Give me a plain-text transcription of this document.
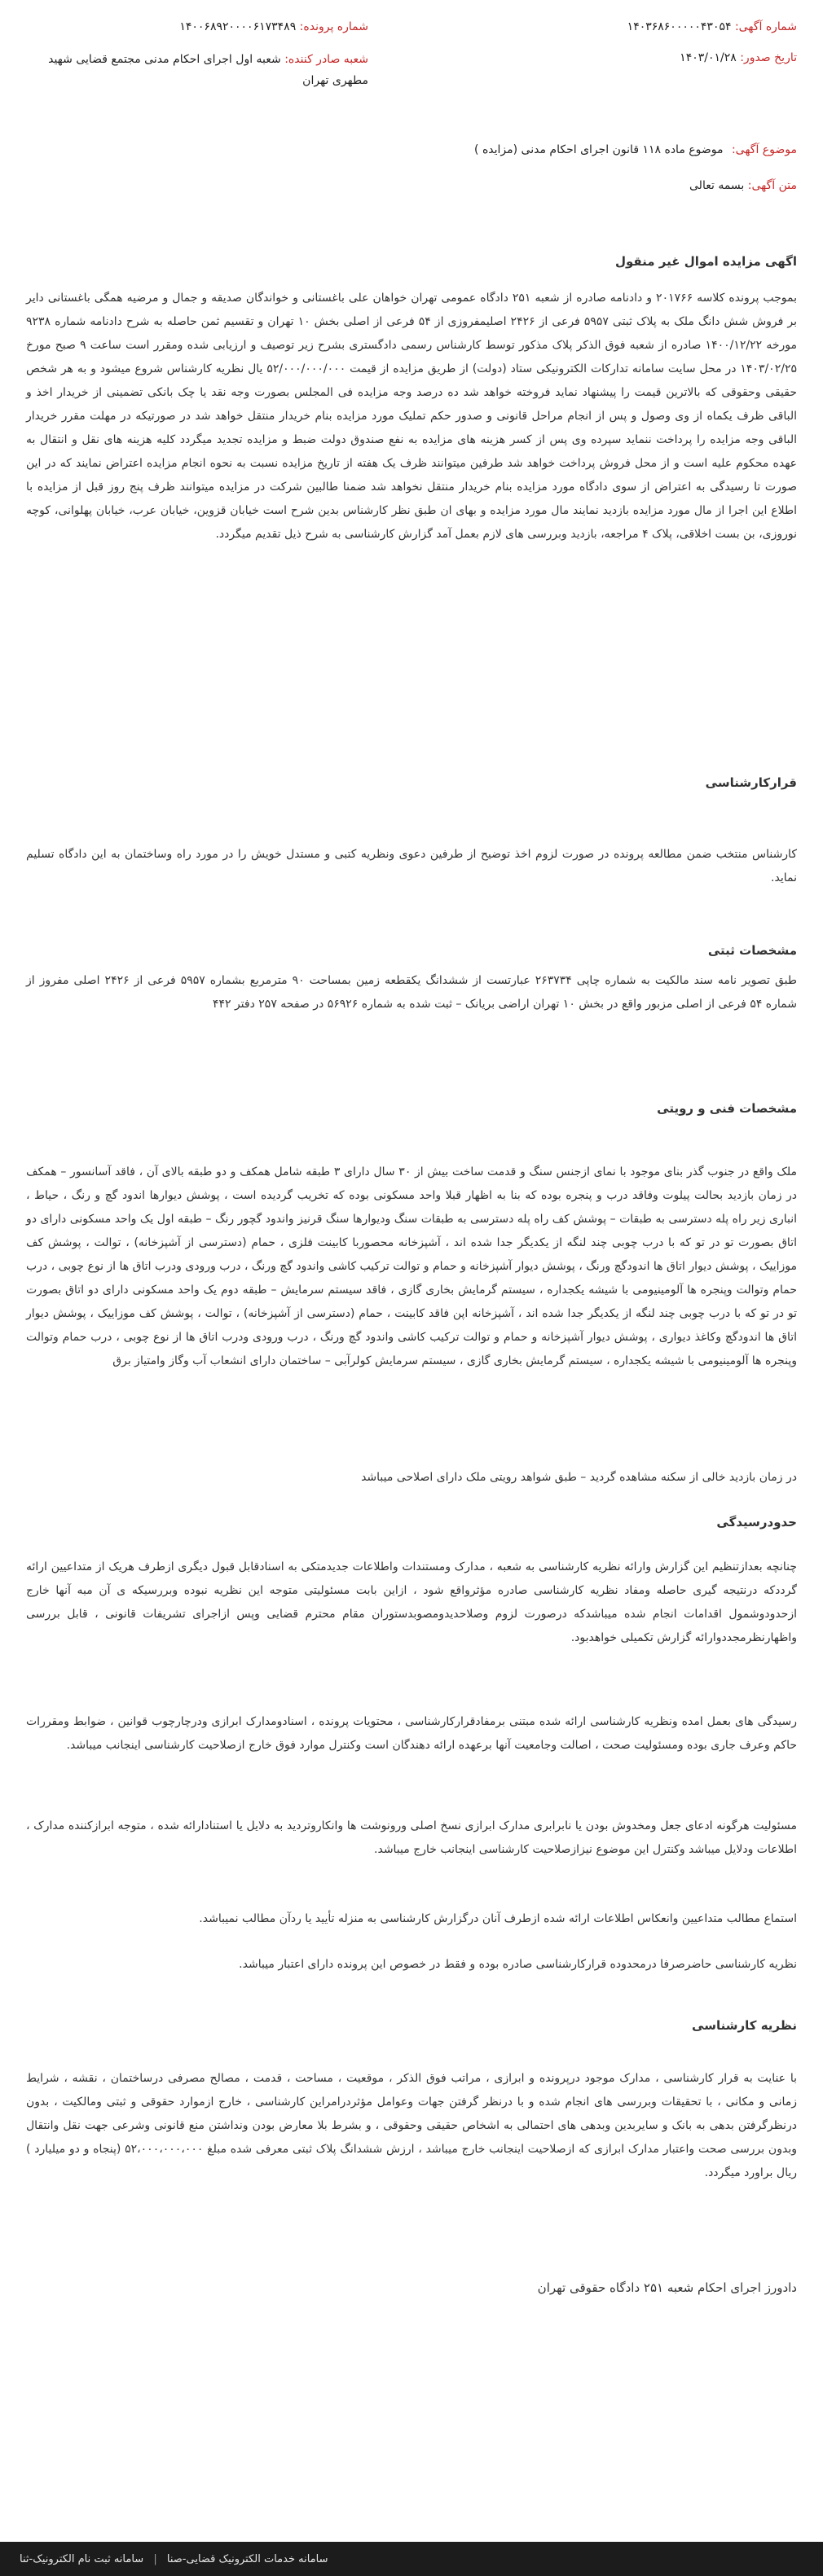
شماره آگهی: ۱۴۰۳۶۸۶۰۰۰۰۰۴۳۰۵۴
شماره پرونده: ۱۴۰۰۶۸۹۲۰۰۰۰۶۱۷۳۴۸۹
تاریخ صدور: ۱۴۰۳/۰۱/۲۸
شعبه صادر کننده: شعبه اول اجرای احکام مدنی مجتمع قضایی شهید مطهری تهران
موضوع آگهی: موضوع ماده ۱۱۸ قانون اجرای احکام مدنی (مزایده )
متن آگهی: بسمه تعالی
اگهی مزایده اموال غیر منقول

بموجب پرونده کلاسه ۲۰۱۷۶۶ و دادنامه صادره از شعبه ۲۵۱ دادگاه عمومی تهران خواهان علی باغستانی و خواندگان صدیقه و جمال و مرضیه همگی باغستانی دایر بر فروش شش دانگ ملک به پلاک ثبتی ۵۹۵۷ فرعی از ۲۴۲۶ اصلیمفروزی از ۵۴ فرعی از اصلی بخش ۱۰ تهران و تقسیم ثمن حاصله به شرح دادنامه شماره ۹۲۳۸ مورخه ۱۴۰۰/۱۲/۲۲ صادره از شعبه فوق الذکر پلاک مذکور توسط کارشناس رسمی دادگستری بشرح زیر توصیف و ارزیابی شده ومقرر است ساعت ۹ صبح مورخ ۱۴۰۳/۰۲/۲۵ در محل سایت سامانه تدارکات الکترونیکی ستاد (دولت) از طریق مزایده از قیمت ۵۲/۰۰۰/۰۰۰/۰۰۰ یال نظریه کارشناس شروع میشود و به هر شخص حقیقی وحقوقی که بالاترین قیمت را پیشنهاد نماید فروخته خواهد شد ده درصد وجه مزایده فی المجلس بصورت وجه نقد یا چک بانکی تضمینی از خریدار اخذ و الباقی ظرف یکماه از وی وصول و پس از انجام مراحل قانونی و صدور حکم تملیک مورد مزایده بنام خریدار منتقل خواهد شد در صورتیکه در مهلت مقرر خریدار الباقی وجه مزایده را پرداخت ننماید سپرده وی پس از کسر هزینه های مزایده به نفع صندوق دولت ضبط و مزایده تجدید میگردد کلیه هزینه های نقل و انتقال به عهده محکوم علیه است و از محل فروش پرداخت خواهد شد طرفین میتوانند ظرف یک هفته از تاریخ مزایده نسبت به نحوه انجام مزایده اعتراض نمایند که در این صورت تا رسیدگی به اعتراض از سوی دادگاه مورد مزایده بنام خریدار منتقل نخواهد شد ضمنا طالبین شرکت در مزایده میتوانند ظرف پنج روز قبل از مزایده با اطلاع این اجرا از مال مورد مزایده بازدید نمایند مال مورد مزایده و بهای ان طبق نظر کارشناس بدین شرح است خیابان قزوین، خیابان عرب، خیابان پهلوانی، کوچه نوروزی، بن بست اخلاقی، پلاک ۴ مراجعه، بازدید وبررسی های لازم بعمل آمد گزارش کارشناسی به شرح ذیل تقدیم میگردد.

قرارکارشناسی

کارشناس منتخب ضمن مطالعه پرونده در صورت لزوم اخذ توضیح از طرفین دعوی ونظریه کتبی و مستدل خویش را در مورد راه وساختمان به این دادگاه تسلیم نماید.

مشخصات ثبتی

طبق تصویر نامه سند مالکیت به شماره چاپی ۲۶۳۷۳۴ عبارتست از ششدانگ یکقطعه زمین بمساحت ۹۰ مترمربع بشماره ۵۹۵۷ فرعی از ۲۴۲۶ اصلی مفروز از شماره ۵۴ فرعی از اصلی مزبور واقع در بخش ۱۰ تهران اراضی بریانک – ثبت شده به شماره ۵۶۹۲۶ در صفحه ۲۵۷ دفتر ۴۴۲

مشخصات فنی و رویتی

ملک واقع در جنوب گذر بنای موجود با نمای ازجنس سنگ و قدمت ساخت بیش از ۳۰ سال دارای ۳ طبقه شامل همکف و دو طبقه بالای آن ، فاقد آسانسور – همکف در زمان بازدید بحالت پیلوت وفاقد درب و پنجره بوده که بنا به اظهار قبلا واحد مسکونی بوده که تخریب گردیده است ، پوشش دیوارها اندود گچ و رنگ ، حیاط ، انباری زیر راه پله دسترسی به طبقات – پوشش کف راه پله دسترسی به طبقات سنگ ودیوارها سنگ قرنیز واندود گچور رنگ – طبقه اول یک واحد مسکونی دارای دو اتاق بصورت تو در تو که با درب چوبی چند لنگه از یکدیگر جدا شده اند ، آشپزخانه محصوربا کابینت فلزی ، حمام (دسترسی از آشپزخانه) ، توالت ، پوشش کف موزاییک ، پوشش دیوار اتاق ها اندودگچ ورنگ ، پوشش دیوار آشپزخانه و حمام و توالت ترکیب کاشی واندود گچ ورنگ ، درب ورودی ودرب اتاق ها از نوع چوبی ، درب حمام وتوالت وپنجره ها آلومینیومی با شیشه یکجداره ، سیستم گرمایش بخاری گازی ، فاقد سیستم سرمایش – طبقه دوم یک واحد مسکونی دارای دو اتاق بصورت تو در تو که با درب چوبی چند لنگه از یکدیگر جدا شده اند ، آشپزخانه اپن فاقد کابینت ، حمام (دسترسی از آشپزخانه) ، توالت ، پوشش کف موزاییک ، پوشش دیوار اتاق ها اندودگچ وکاغذ دیواری ، پوشش دیوار آشپزخانه و حمام و توالت ترکیب کاشی واندود گچ ورنگ ، درب ورودی ودرب اتاق ها از نوع چوبی ، درب حمام وتوالت وپنجره ها آلومینیومی با شیشه یکجداره ، سیستم گرمایش بخاری گازی ، سیستم سرمایش کولرآبی – ساختمان دارای انشعاب آب وگاز وامتیاز برق

در زمان بازدید خالی از سکنه مشاهده گردید – طبق شواهد رویتی ملک دارای اصلاحی میباشد

حدودرسیدگی

چنانچه بعدازتنظیم این گزارش وارائه نظریه کارشناسی به شعبه ، مدارک ومستندات واطلاعات جدیدمتکی به اسنادقابل قبول دیگری ازطرف هریک از متداعیین ارائه گرددکه درنتیجه گیری حاصله ومفاد نظریه کارشناسی صادره مؤثرواقع شود ، ازاین بابت مسئولیتی متوجه این نظریه نبوده وبررسیکه ی آن مبه آنها خارج ازحدودوشمول اقدامات انجام شده میباشدکه درصورت لزوم وصلاحدیدومصوبدستوران مقام محترم قضایی وپس ازاجرای تشریفات قانونی ، قابل بررسی واظهارنظرمجددوارائه گزارش تکمیلی خواهدبود.

رسیدگی های بعمل امده ونظریه کارشناسی ارائه شده مبتنی برمفادقرارکارشناسی ، محتویات پرونده ، اسنادومدارک ابرازی ودرچارچوب قوانین ، ضوابط ومقررات حاکم وعرف جاری بوده ومسئولیت صحت ، اصالت وجامعیت آنها برعهده ارائه دهندگان است وکنترل موارد فوق خارج ازصلاحیت کارشناسی اینجانب میباشد.

مسئولیت هرگونه ادعای جعل ومخدوش بودن یا نابرابری مدارک ابرازی نسخ اصلی ورونوشت ها وانکاروتردید به دلایل یا استنادارائه شده ، متوجه ابرازکننده مدارک ، اطلاعات ودلایل میباشد وکنترل این موضوع نیزازصلاحیت کارشناسی اینجانب خارج میباشد.

استماع مطالب متداعیین وانعکاس اطلاعات ارائه شده ازطرف آنان درگزارش کارشناسی به منزله تأیید یا ردآن مطالب نمیباشد.

نظریه کارشناسی حاضرصرفا درمحدوده قرارکارشناسی صادره بوده و فقط در خصوص این پرونده دارای اعتبار میباشد.

نظریه کارشناسی

با عنایت به قرار کارشناسی ، مدارک موجود درپرونده و ابرازی ، مراتب فوق الذکر ، موقعیت ، مساحت ، قدمت ، مصالح مصرفی درساختمان ، نقشه ، شرایط زمانی و مکانی ، با تحقیقات وبررسی های انجام شده و با درنظر گرفتن جهات وعوامل مؤثردرامراین کارشناسی ، خارج ازموارد حقوقی و ثبتی ومالکیت ، بدون درنظرگرفتن بدهی به بانک و سایربدین وبدهی های احتمالی به اشخاص حقیقی وحقوقی ، و بشرط بلا معارض بودن ونداشتن منع قانونی وشرعی جهت نقل وانتقال وبدون بررسی صحت واعتبار مدارک ابرازی که ازصلاحیت اینجانب خارج میباشد ، ارزش ششدانگ پلاک ثبتی معرفی شده مبلغ ۵۲،۰۰۰،۰۰۰،۰۰۰ (پنجاه و دو میلیارد ) ریال براورد میگردد.

دادورز اجرای احکام شعبه ۲۵۱ دادگاه حقوقی تهران
سامانه خدمات الکترونیک قضایی-صنا | سامانه ثبت نام الکترونیک-ثنا
